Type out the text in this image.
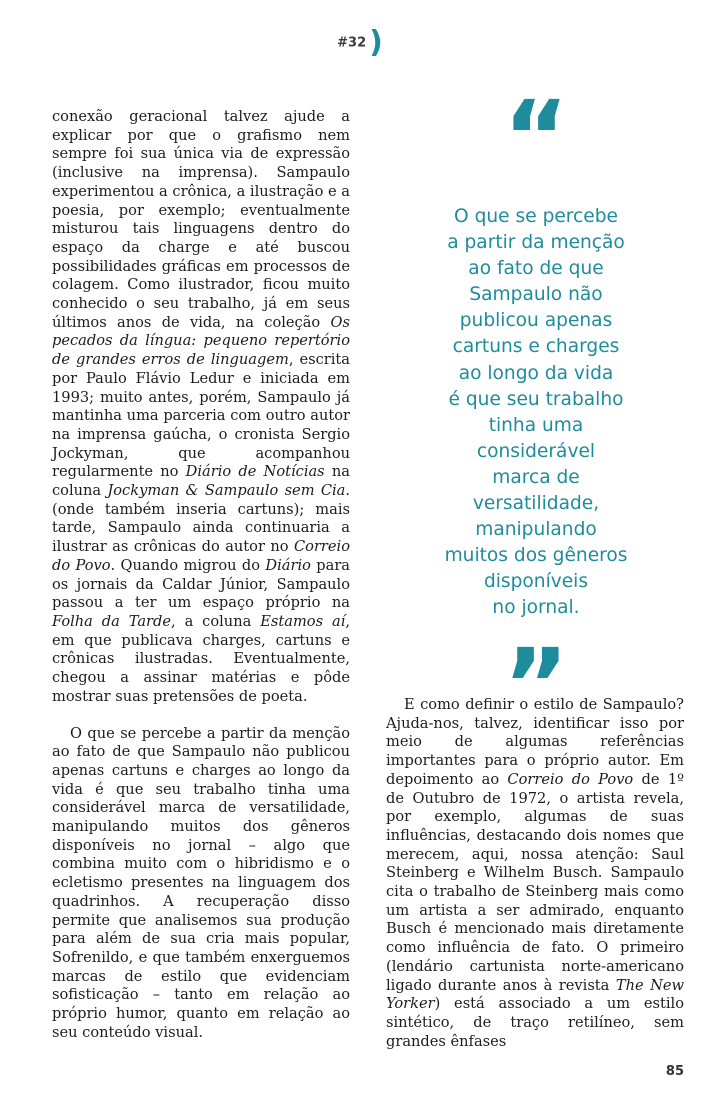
#32 )

conexão geracional talvez ajude a explicar por que o grafismo nem sempre foi sua única via de expressão (inclusive na imprensa). Sampaulo experimentou a crônica, a ilustração e a poesia, por exemplo; eventualmente misturou tais linguagens dentro do espaço da charge e até buscou possibilidades gráficas em processos de colagem. Como ilustrador, ficou muito conhecido o seu trabalho, já em seus últimos anos de vida, na coleção Os pecados da língua: pequeno repertório de grandes erros de linguagem, escrita por Paulo Flávio Ledur e iniciada em 1993; muito antes, porém, Sampaulo já mantinha uma parceria com outro autor na imprensa gaúcha, o cronista Sergio Jockyman, que acompanhou regularmente no Diário de Notícias na coluna Jockyman & Sampaulo sem Cia. (onde também inseria cartuns); mais tarde, Sampaulo ainda continuaria a ilustrar as crônicas do autor no Correio do Povo. Quando migrou do Diário para os jornais da Caldar Júnior, Sampaulo passou a ter um espaço próprio na Folha da Tarde, a coluna Estamos aí, em que publicava charges, cartuns e crônicas ilustradas. Eventualmente, chegou a assinar matérias e pôde mostrar suas pretensões de poeta.

O que se percebe a partir da menção ao fato de que Sampaulo não publicou apenas cartuns e charges ao longo da vida é que seu trabalho tinha uma considerável marca de versatilidade, manipulando muitos dos gêneros disponíveis no jornal – algo que combina muito com o hibridismo e o ecletismo presentes na linguagem dos quadrinhos. A recuperação disso permite que analisemos sua produção para além de sua cria mais popular, Sofrenildo, e que também enxerguemos marcas de estilo que evidenciam sofisticação – tanto em relação ao próprio humor, quanto em relação ao seu conteúdo visual.

“
O que se percebe
a partir da menção
ao fato de que
Sampaulo não
publicou apenas
cartuns e charges
ao longo da vida
é que seu trabalho
tinha uma
considerável
marca de
versatilidade,
manipulando
muitos dos gêneros
disponíveis
no jornal.
”

E como definir o estilo de Sampaulo? Ajuda-nos, talvez, identificar isso por meio de algumas referências importantes para o próprio autor. Em depoimento ao Correio do Povo de 1º de Outubro de 1972, o artista revela, por exemplo, algumas de suas influências, destacando dois nomes que merecem, aqui, nossa atenção: Saul Steinberg e Wilhelm Busch. Sampaulo cita o trabalho de Steinberg mais como um artista a ser admirado, enquanto Busch é mencionado mais diretamente como influência de fato. O primeiro (lendário cartunista norte-americano ligado durante anos à revista The New Yorker) está associado a um estilo sintético, de traço retilíneo, sem grandes ênfases

85
